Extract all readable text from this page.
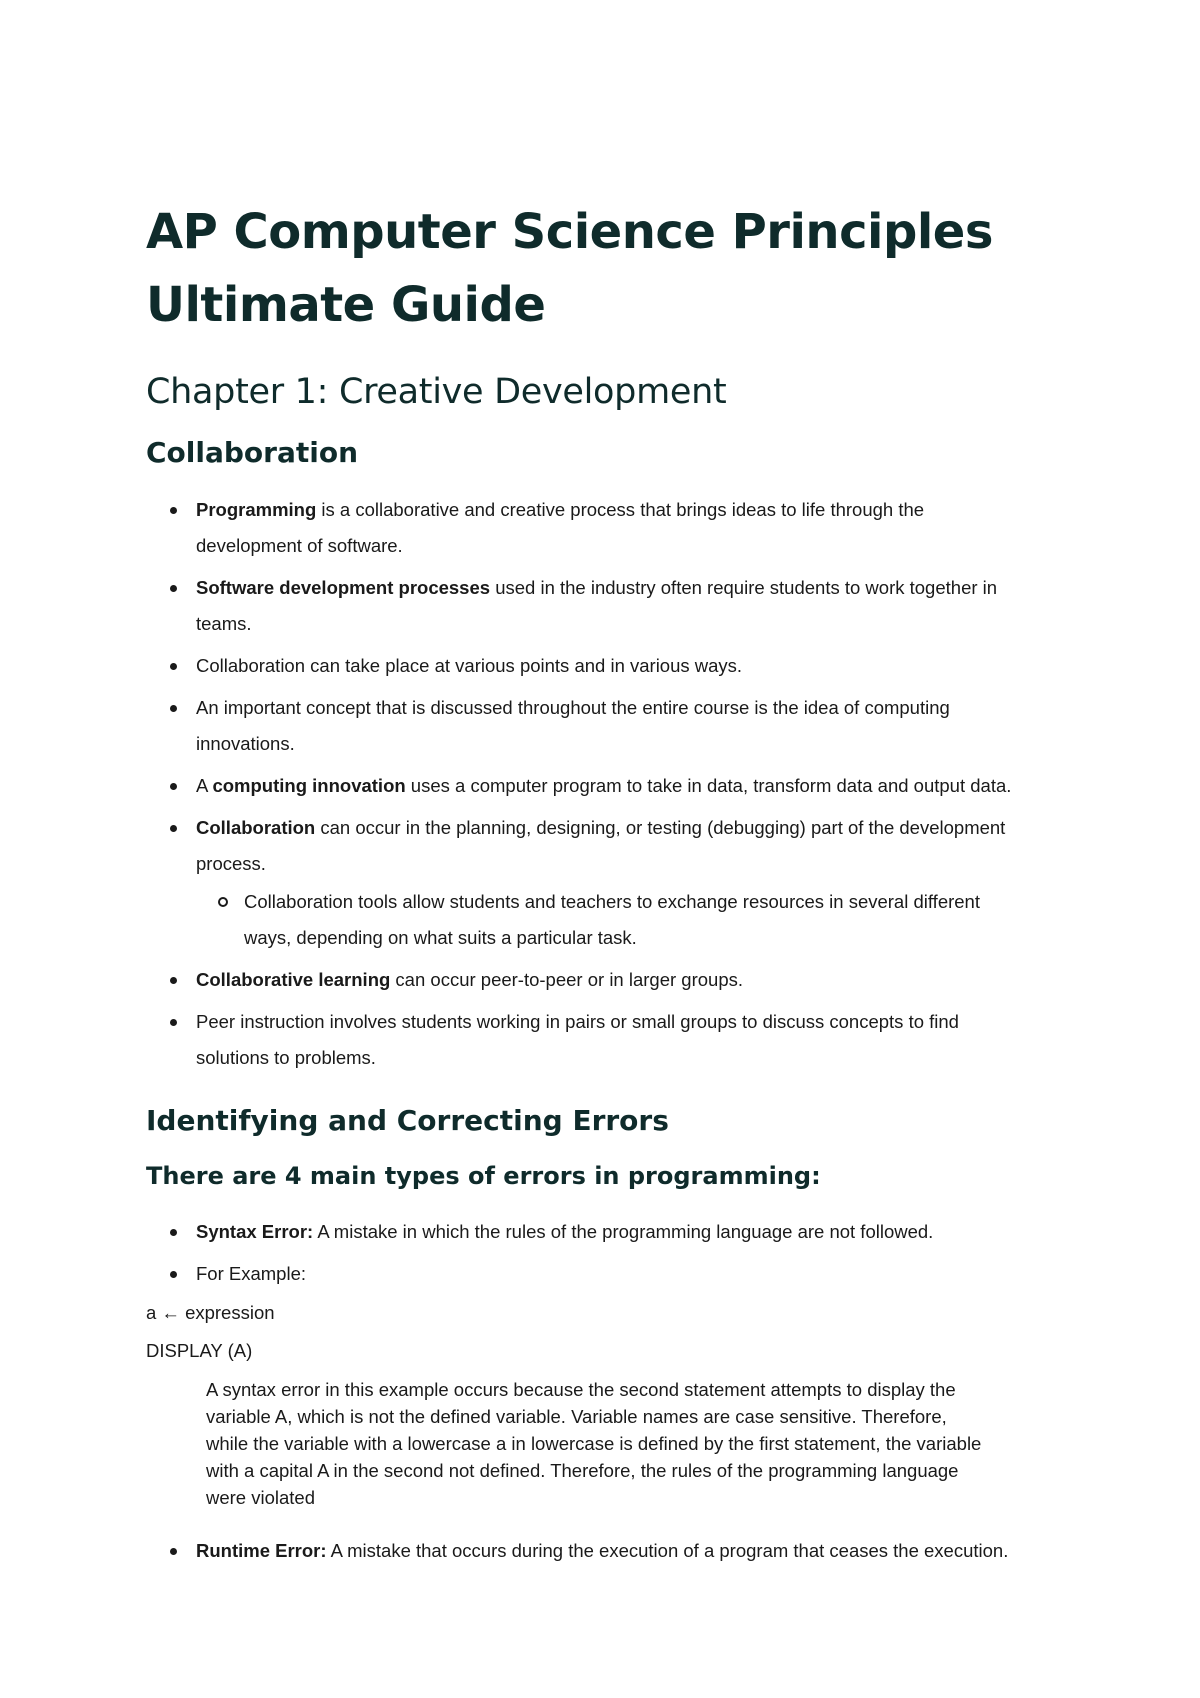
AP Computer Science Principles Ultimate Guide
Chapter 1: Creative Development
Collaboration
Programming is a collaborative and creative process that brings ideas to life through the development of software.
Software development processes used in the industry often require students to work together in teams.
Collaboration can take place at various points and in various ways.
An important concept that is discussed throughout the entire course is the idea of computing innovations.
A computing innovation uses a computer program to take in data, transform data and output data.
Collaboration can occur in the planning, designing, or testing (debugging) part of the development process.
Collaboration tools allow students and teachers to exchange resources in several different ways, depending on what suits a particular task.
Collaborative learning can occur peer-to-peer or in larger groups.
Peer instruction involves students working in pairs or small groups to discuss concepts to find solutions to problems.
Identifying and Correcting Errors
There are 4 main types of errors in programming:
Syntax Error: A mistake in which the rules of the programming language are not followed.
For Example:

a ← expression

DISPLAY (A)

A syntax error in this example occurs because the second statement attempts to display the variable A, which is not the defined variable. Variable names are case sensitive. Therefore, while the variable with a lowercase a in lowercase is defined by the first statement, the variable with a capital A in the second not defined. Therefore, the rules of the programming language were violated

Runtime Error: A mistake that occurs during the execution of a program that ceases the execution.
